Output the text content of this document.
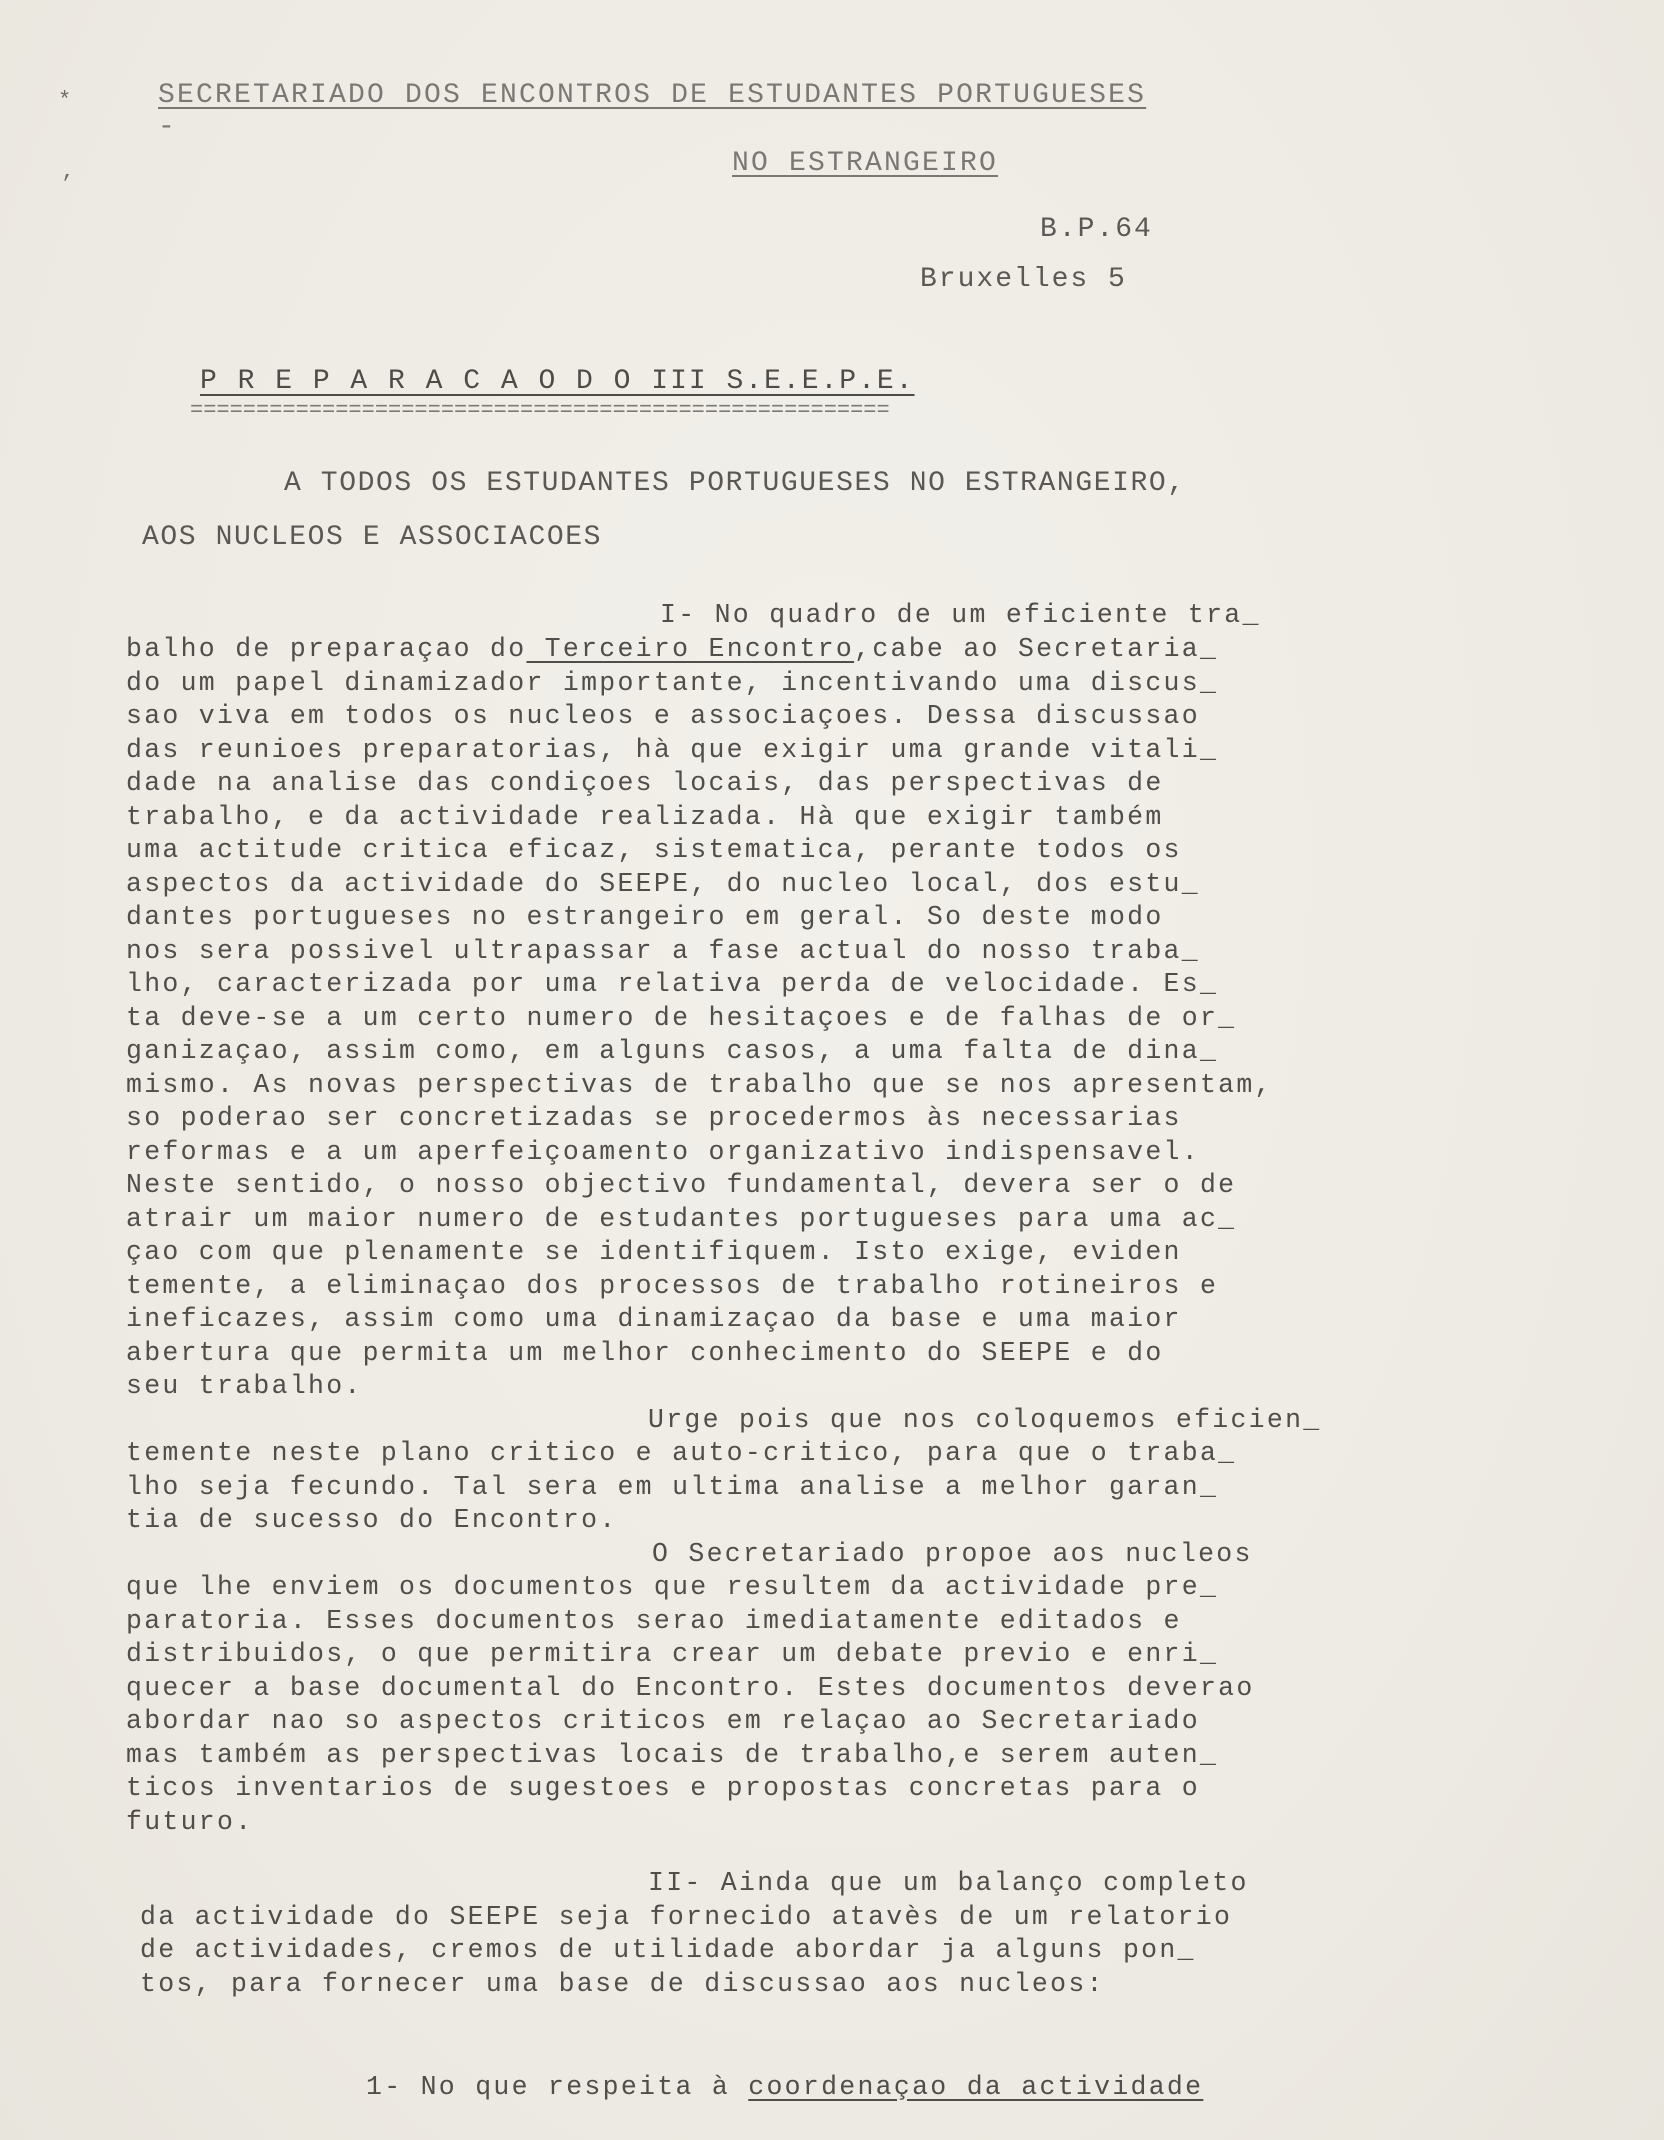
*
’
SECRETARIADO DOS ENCONTROS DE ESTUDANTES PORTUGUESES
-
NO ESTRANGEIRO
B.P.64
Bruxelles 5
P R E P A R A C A O D O III S.E.E.P.E.
=====================================================
A TODOS OS ESTUDANTES PORTUGUESES NO ESTRANGEIRO,
AOS NUCLEOS E ASSOCIACOES
I- No quadro de um eficiente tra_
balho de preparaçao do Terceiro Encontro,cabe ao Secretaria_
do um papel dinamizador importante, incentivando uma discus_
sao viva em todos os nucleos e associaçoes. Dessa discussao
das reunioes preparatorias, hà que exigir uma grande vitali_
dade na analise das condiçoes locais, das perspectivas de
trabalho, e da actividade realizada. Hà que exigir também
uma actitude critica eficaz, sistematica, perante todos os
aspectos da actividade do SEEPE, do nucleo local, dos estu_
dantes portugueses no estrangeiro em geral. So deste modo
nos sera possivel ultrapassar a fase actual do nosso traba_
lho, caracterizada por uma relativa perda de velocidade. Es_
ta deve-se a um certo numero de hesitaçoes e de falhas de or_
ganizaçao, assim como, em alguns casos, a uma falta de dina_
mismo. As novas perspectivas de trabalho que se nos apresentam,
so poderao ser concretizadas se procedermos às necessarias
reformas e a um aperfeiçoamento organizativo indispensavel.
Neste sentido, o nosso objectivo fundamental, devera ser o de
atrair um maior numero de estudantes portugueses para uma ac_
çao com que plenamente se identifiquem. Isto exige, eviden
temente, a eliminaçao dos processos de trabalho rotineiros e
ineficazes, assim como uma dinamizaçao da base e uma maior
abertura que permita um melhor conhecimento do SEEPE e do
seu trabalho.
Urge pois que nos coloquemos eficien_
temente neste plano critico e auto-critico, para que o traba_
lho seja fecundo. Tal sera em ultima analise a melhor garan_
tia de sucesso do Encontro.
O Secretariado propoe aos nucleos
que lhe enviem os documentos que resultem da actividade pre_
paratoria. Esses documentos serao imediatamente editados e
distribuidos, o que permitira crear um debate previo e enri_
quecer a base documental do Encontro. Estes documentos deverao
abordar nao so aspectos criticos em relaçao ao Secretariado
mas também as perspectivas locais de trabalho,e serem auten_
ticos inventarios de sugestoes e propostas concretas para o
futuro.
II- Ainda que um balanço completo
da actividade do SEEPE seja fornecido atavès de um relatorio
de actividades, cremos de utilidade abordar ja alguns pon_
tos, para fornecer uma base de discussao aos nucleos:
1- No que respeita à coordenaçao da actividade
